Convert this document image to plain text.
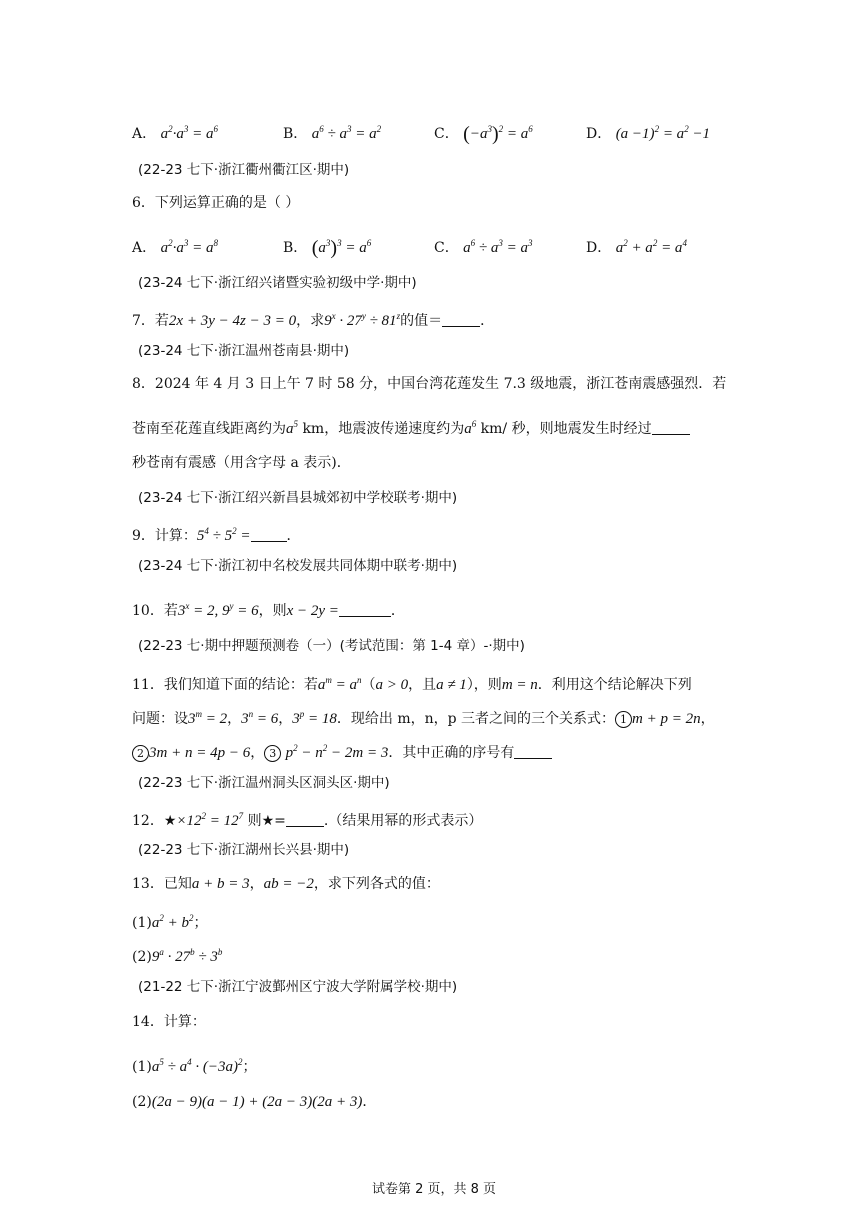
A． $a^2\cdot a^3 = a^6$	B． $a^6 \div a^3 = a^2$	C． $(-a^3)^2 = a^6$	D． $(a -1)^2 = a^2 -1$
(22-23 七下·浙江衢州衢江区·期中)
6．下列运算正确的是（ ）
A． $a^2\cdot a^3 = a^8$	B． $(a^3)^3 = a^6$	C． $a^6 \div a^3 = a^3$	D． $a^2 + a^2 = a^4$
(23-24 七下·浙江绍兴诸暨实验初级中学·期中)
7．若2x + 3y − 4z − 3 = 0，求$9^x \cdot 27^y \div 81^z$的值＝	．
(23-24 七下·浙江温州苍南县·期中)
8．2024 年 4 月 3 日上午 7 时 58 分，中国台湾花莲发生 7.3 级地震，浙江苍南震感强烈．若
苍南至花莲直线距离约为$a^5$ km，地震波传递速度约为$a^6$ km/ 秒，则地震发生时经过
秒苍南有震感（用含字母 a 表示)．
(23-24 七下·浙江绍兴新昌县城郊初中学校联考·期中)
9．计算：$5^4 \div 5^2$ =	．
(23-24 七下·浙江初中名校发展共同体期中联考·期中)
10．若$3^x = 2$, $9^y = 6$，则x − 2y =	．
(22-23 七·期中押题预测卷（一）(考试范围：第 1-4 章）-·期中)
11．我们知道下面的结论：若$a^m = a^n(a > 0$，且a ≠ 1），则m = n．利用这个结论解决下列
问题：设$3^m = 2$，$3^n = 6$，$3^p = 18$．现给出 m，n，p 三者之间的三个关系式： 1 m + p = 2n，
2 3m + n = 4p − 6， 3 $p^2 - n^2 - 2m = 3$．其中正确的序号有
(22-23 七下·浙江温州洞头区洞头区·期中)
12．$★\times 12^2 = 12^7$ 则★=	.（结果用幂的形式表示）
(22-23 七下·浙江湖州长兴县·期中)
13．已知a + b = 3，ab = −2，求下列各式的值：
$(1)a^2 + b^2$；
$(2)9^a \cdot 27^b \div 3^b$
(21-22 七下·浙江宁波鄞州区宁波大学附属学校·期中)
14．计算：
$(1)a^5 \div a^4 \cdot (-3a)^2$；
(2)(2a − 9)(a − 1) + (2a − 3)(2a + 3)．
试卷第 2 页，共 8 页
